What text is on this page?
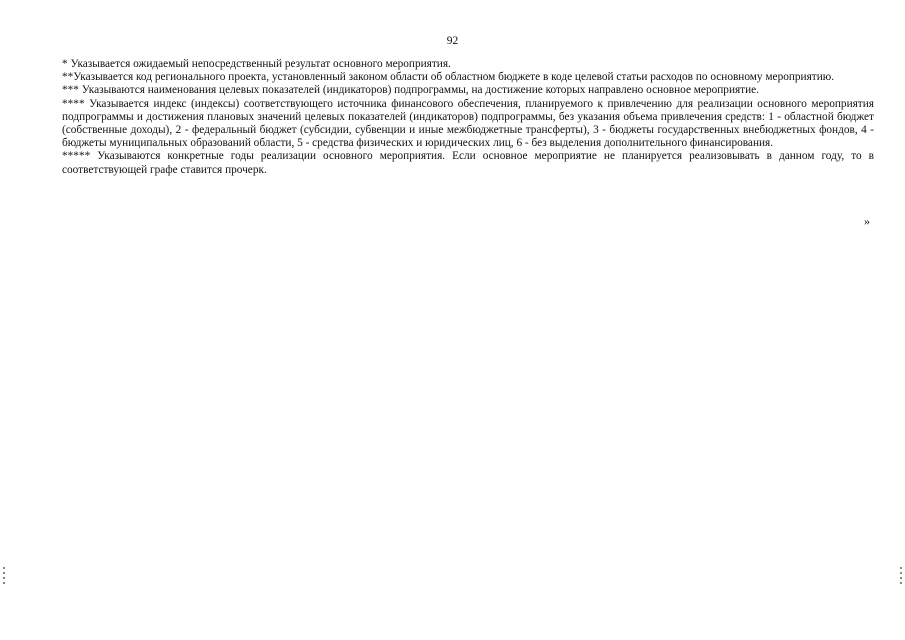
92

* Указывается ожидаемый непосредственный результат основного мероприятия.

**Указывается код регионального проекта, установленный законом области об областном бюджете в коде целевой статьи расходов по основному мероприятию.

*** Указываются наименования целевых показателей (индикаторов) подпрограммы, на достижение которых направлено основное мероприятие.

**** Указывается индекс (индексы) соответствующего источника финансового обеспечения, планируемого к привлечению для реализации основного мероприятия подпрограммы и достижения плановых значений целевых показателей (индикаторов) подпрограммы, без указания объема привлечения средств: 1 - областной бюджет (собственные доходы), 2 - федеральный бюджет (субсидии, субвенции и иные межбюджетные трансферты), 3 - бюджеты государственных внебюджетных фондов, 4 - бюджеты муниципальных образований области, 5 - средства физических и юридических лиц, 6 - без выделения дополнительного финансирования.

***** Указываются конкретные годы реализации основного мероприятия. Если основное мероприятие не планируется реализовывать в данном году, то в соответствующей графе ставится прочерк.

»
